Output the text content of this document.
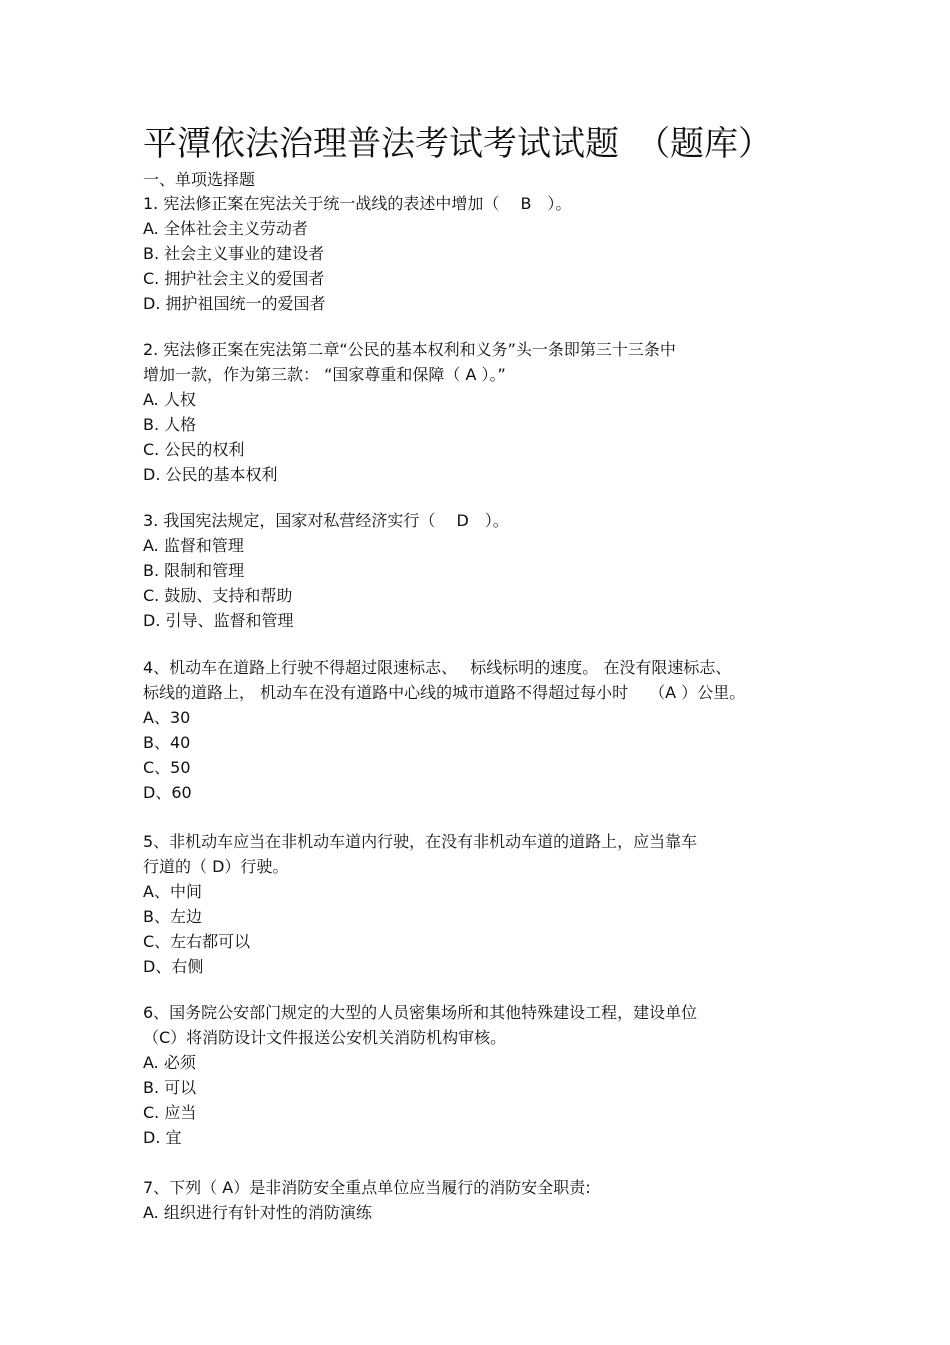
平潭依法治理普法考试考试试题　（题库）
一、单项选择题
1. 宪法修正案在宪法关于统一战线的表述中增加（　 B　）。
A. 全体社会主义劳动者
B. 社会主义事业的建设者
C. 拥护社会主义的爱国者
D. 拥护祖国统一的爱国者
2. 宪法修正案在宪法第二章“公民的基本权利和义务”头一条即第三十三条中
增加一款，作为第三款： “国家尊重和保障（ A ）。”
A. 人权
B. 人格
C. 公民的权利
D. 公民的基本权利
3. 我国宪法规定，国家对私营经济实行（　 D　）。
A. 监督和管理
B. 限制和管理
C. 鼓励、支持和帮助
D. 引导、监督和管理
4、机动车在道路上行驶不得超过限速标志、　 标线标明的速度。 在没有限速标志、
标线的道路上， 机动车在没有道路中心线的城市道路不得超过每小时　 （A ）公里。
A、30
B、40
C、50
D、60
5、非机动车应当在非机动车道内行驶，在没有非机动车道的道路上，应当靠车
行道的（ D）行驶。
A、中间
B、左边
C、左右都可以
D、右侧
6、国务院公安部门规定的大型的人员密集场所和其他特殊建设工程，建设单位
（C）将消防设计文件报送公安机关消防机构审核。
A. 必须
B. 可以
C. 应当
D. 宜
7、下列（ A）是非消防安全重点单位应当履行的消防安全职责:
A. 组织进行有针对性的消防演练
